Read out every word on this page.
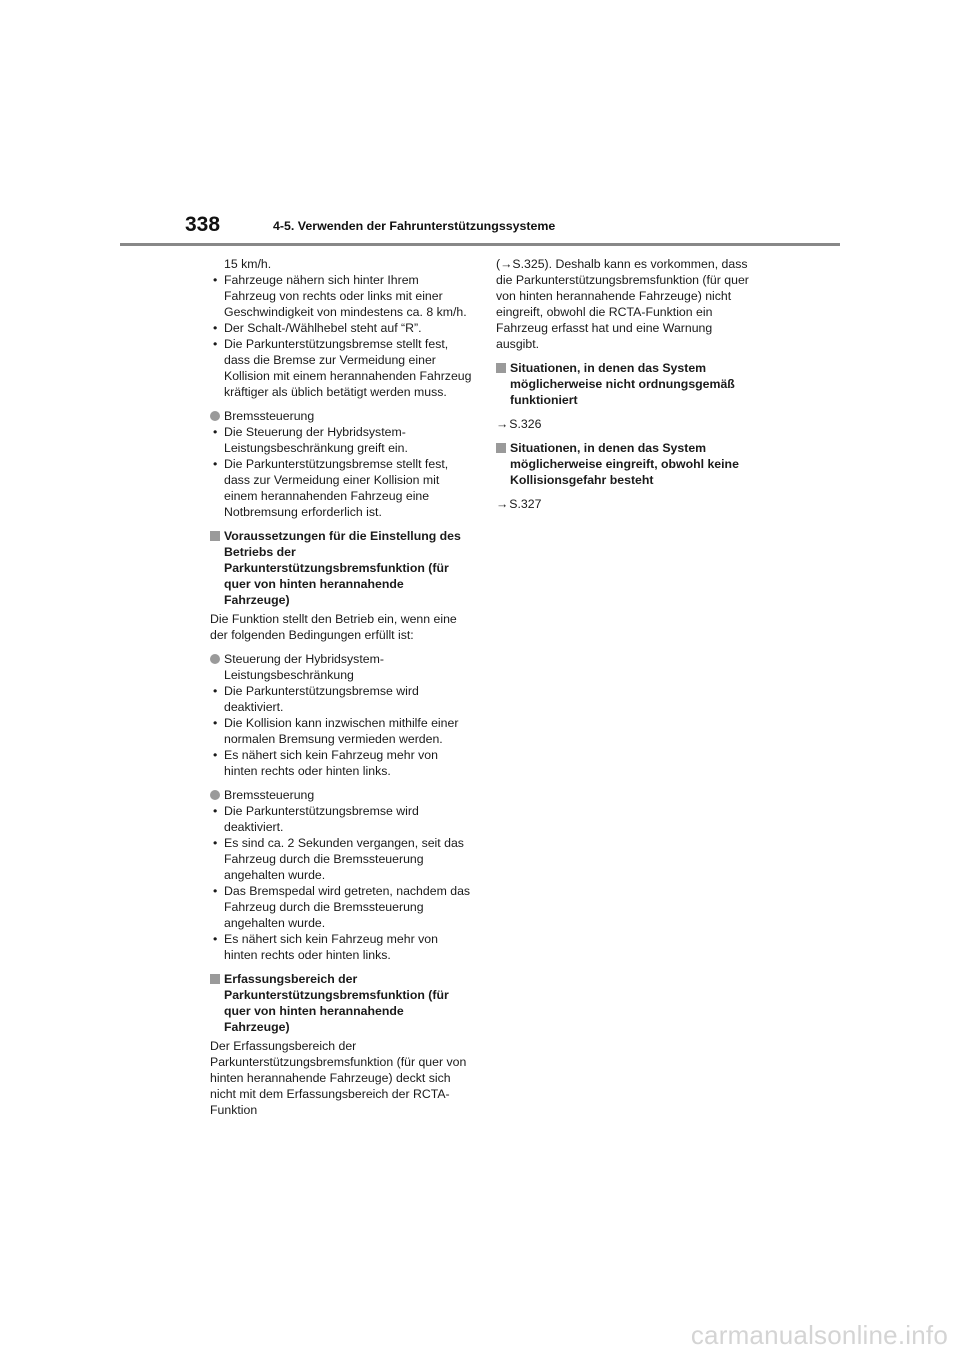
338	4-5. Verwenden der Fahrunterstützungssysteme

15 km/h.

• Fahrzeuge nähern sich hinter Ihrem Fahrzeug von rechts oder links mit einer Geschwindigkeit von mindestens ca. 8 km/h.
• Der Schalt-/Wählhebel steht auf “R”.
• Die Parkunterstützungsbremse stellt fest, dass die Bremse zur Vermeidung einer Kollision mit einem herannahenden Fahrzeug kräftiger als üblich betätigt werden muss.
Bremssteuerung
• Die Steuerung der Hybridsystem-Leistungsbeschränkung greift ein.
• Die Parkunterstützungsbremse stellt fest, dass zur Vermeidung einer Kollision mit einem herannahenden Fahrzeug eine Notbremsung erforderlich ist.
Voraussetzungen für die Einstellung des Betriebs der Parkunterstützungsbremsfunktion (für quer von hinten herannahende Fahrzeuge)

Die Funktion stellt den Betrieb ein, wenn eine der folgenden Bedingungen erfüllt ist:

Steuerung der Hybridsystem-Leistungsbeschränkung
• Die Parkunterstützungsbremse wird deaktiviert.
• Die Kollision kann inzwischen mithilfe einer normalen Bremsung vermieden werden.
• Es nähert sich kein Fahrzeug mehr von hinten rechts oder hinten links.
Bremssteuerung
• Die Parkunterstützungsbremse wird deaktiviert.
• Es sind ca. 2 Sekunden vergangen, seit das Fahrzeug durch die Bremssteuerung angehalten wurde.
• Das Bremspedal wird getreten, nachdem das Fahrzeug durch die Bremssteuerung angehalten wurde.
• Es nähert sich kein Fahrzeug mehr von hinten rechts oder hinten links.
Erfassungsbereich der Parkunterstützungsbremsfunktion (für quer von hinten herannahende Fahrzeuge)

Der Erfassungsbereich der Parkunterstützungsbremsfunktion (für quer von hinten herannahende Fahrzeuge) deckt sich nicht mit dem Erfassungsbereich der RCTA-Funktion

(→S.325). Deshalb kann es vorkommen, dass die Parkunterstützungsbremsfunktion (für quer von hinten herannahende Fahrzeuge) nicht eingreift, obwohl die RCTA-Funktion ein Fahrzeug erfasst hat und eine Warnung ausgibt.

Situationen, in denen das System möglicherweise nicht ordnungsgemäß funktioniert

→S.326

Situationen, in denen das System möglicherweise eingreift, obwohl keine Kollisionsgefahr besteht

→S.327

carmanualsonline.info
